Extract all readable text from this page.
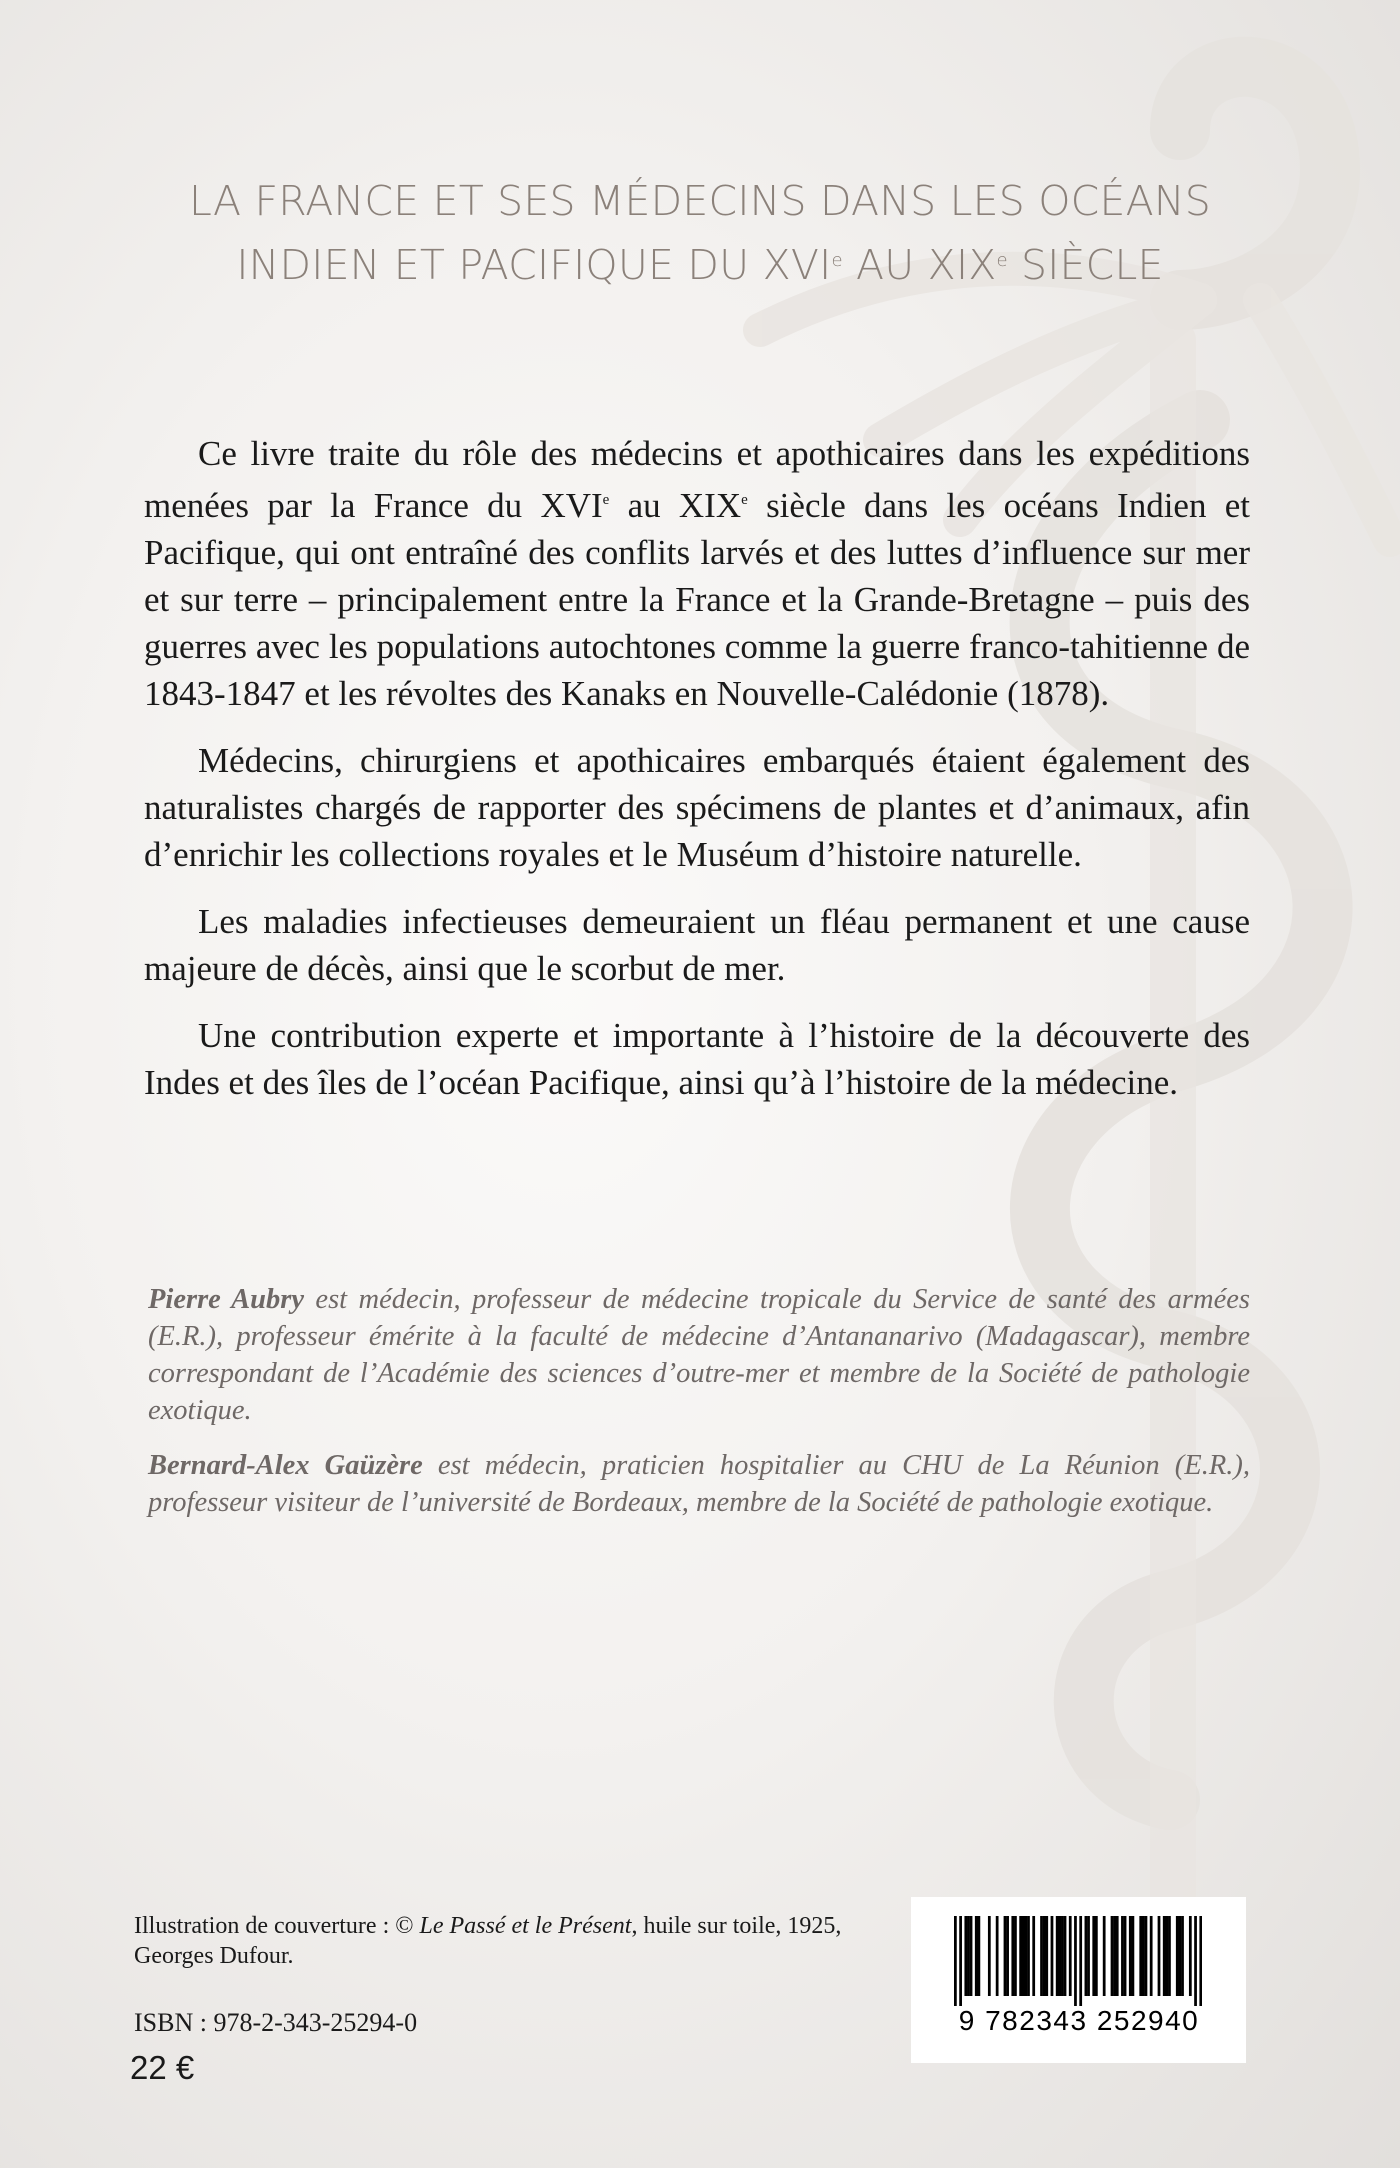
LA FRANCE ET SES MÉDECINS DANS LES OCÉANS
INDIEN ET PACIFIQUE DU XVIe AU XIXe SIÈCLE

Ce livre traite du rôle des médecins et apothicaires dans les expéditions menées par la France du XVIe au XIXe siècle dans les océans Indien et Pacifique, qui ont entraîné des conflits larvés et des luttes d’influence sur mer et sur terre – principalement entre la France et la Grande-Bretagne – puis des guerres avec les populations autochtones comme la guerre franco-tahitienne de 1843-1847 et les révoltes des Kanaks en Nouvelle-Calédonie (1878).

Médecins, chirurgiens et apothicaires embarqués étaient également des naturalistes chargés de rapporter des spécimens de plantes et d’animaux, afin d’enrichir les collections royales et le Muséum d’histoire naturelle.

Les maladies infectieuses demeuraient un fléau permanent et une cause majeure de décès, ainsi que le scorbut de mer.

Une contribution experte et importante à l’histoire de la découverte des Indes et des îles de l’océan Pacifique, ainsi qu’à l’histoire de la médecine.

Pierre Aubry est médecin, professeur de médecine tropicale du Service de santé des armées (E.R.), professeur émérite à la faculté de médecine d’Antananarivo (Madagascar), membre correspondant de l’Académie des sciences d’outre-mer et membre de la Société de pathologie exotique.

Bernard-Alex Gaüzère est médecin, praticien hospitalier au CHU de La Réunion (E.R.), professeur visiteur de l’université de Bordeaux, membre de la Société de pathologie exotique.

Illustration de couverture : © Le Passé et le Présent, huile sur toile, 1925, Georges Dufour.
ISBN : 978-2-343-25294-0
22 €
9 782343 252940
